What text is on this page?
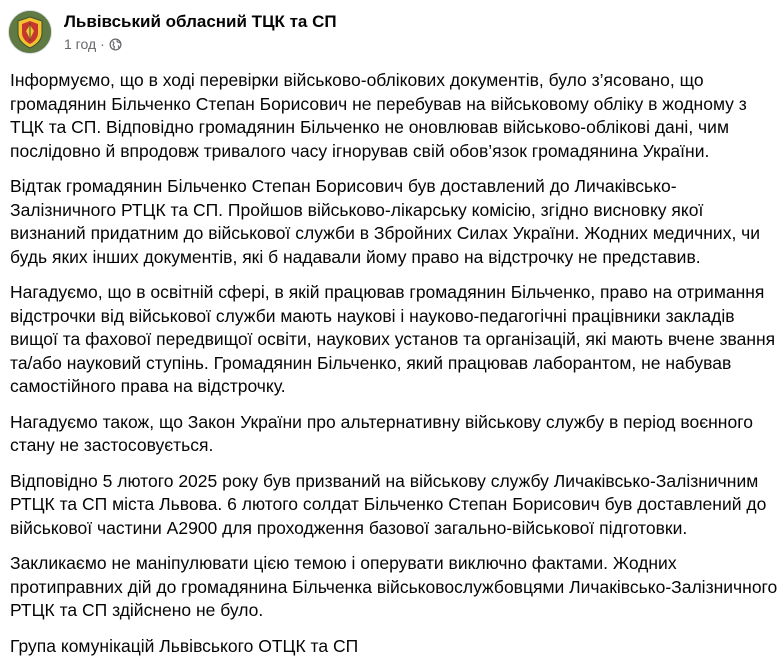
Львівський обласний ТЦК та СП
1 год ·

Інформуємо, що в ході перевірки військово-облікових документів, було з’ясовано, що громадянин Більченко Степан Борисович не перебував на військовому обліку в жодному з ТЦК та СП. Відповідно громадянин Більченко не оновлював військово-облікові дані, чим послідовно й впродовж тривалого часу ігнорував свій обов’язок громадянина України.

Відтак громадянин Більченко Степан Борисович був доставлений до Личаківсько-Залізничного РТЦК та СП. Пройшов військово-лікарську комісію, згідно висновку якої визнаний придатним до військової служби в Збройних Силах України. Жодних медичних, чи будь яких інших документів, які б надавали йому право на відстрочку не представив.

Нагадуємо, що в освітній сфері, в якій працював громадянин Більченко, право на отримання відстрочки від військової служби мають наукові і науково-педагогічні працівники закладів вищої та фахової передвищої освіти, наукових установ та організацій, які мають вчене звання та/або науковий ступінь. Громадянин Більченко, який працював лаборантом, не набував самостійного права на відстрочку.

Нагадуємо також, що Закон України про альтернативну військову службу в період воєнного стану не застосовується.

Відповідно 5 лютого 2025 року був призваний на військову службу Личаківсько-Залізничним РТЦК та СП міста Львова. 6 лютого солдат Більченко Степан Борисович був доставлений до військової частини А2900 для проходження базової загально-військової підготовки.

Закликаємо не маніпулювати цією темою і оперувати виключно фактами. Жодних протиправних дій до громадянина Більченка військовослужбовцями Личаківсько-Залізничного РТЦК та СП здійснено не було.

Група комунікацій Львівського ОТЦК та СП
